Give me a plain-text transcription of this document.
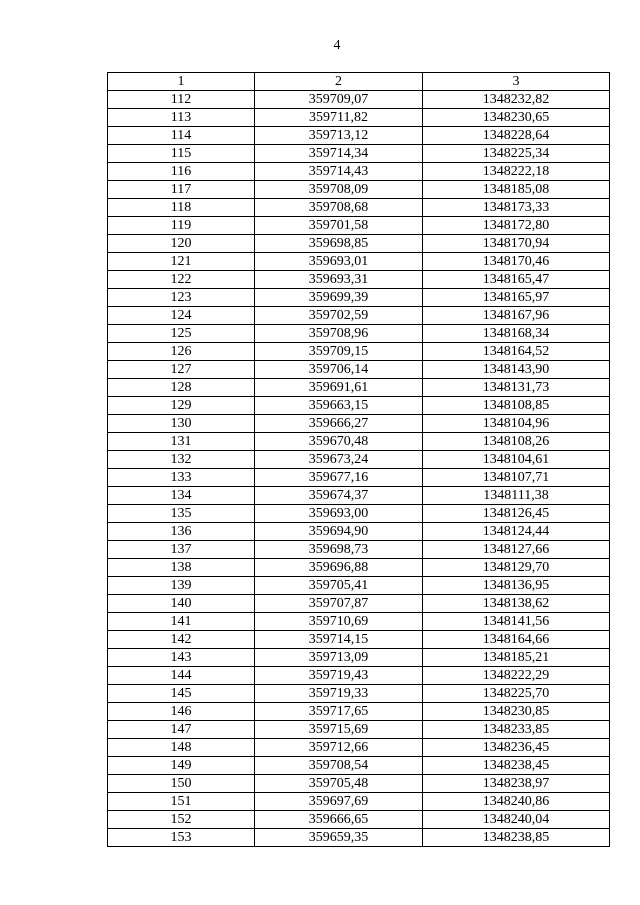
4
1	2	3
112	359709,07	1348232,82
113	359711,82	1348230,65
114	359713,12	1348228,64
115	359714,34	1348225,34
116	359714,43	1348222,18
117	359708,09	1348185,08
118	359708,68	1348173,33
119	359701,58	1348172,80
120	359698,85	1348170,94
121	359693,01	1348170,46
122	359693,31	1348165,47
123	359699,39	1348165,97
124	359702,59	1348167,96
125	359708,96	1348168,34
126	359709,15	1348164,52
127	359706,14	1348143,90
128	359691,61	1348131,73
129	359663,15	1348108,85
130	359666,27	1348104,96
131	359670,48	1348108,26
132	359673,24	1348104,61
133	359677,16	1348107,71
134	359674,37	1348111,38
135	359693,00	1348126,45
136	359694,90	1348124,44
137	359698,73	1348127,66
138	359696,88	1348129,70
139	359705,41	1348136,95
140	359707,87	1348138,62
141	359710,69	1348141,56
142	359714,15	1348164,66
143	359713,09	1348185,21
144	359719,43	1348222,29
145	359719,33	1348225,70
146	359717,65	1348230,85
147	359715,69	1348233,85
148	359712,66	1348236,45
149	359708,54	1348238,45
150	359705,48	1348238,97
151	359697,69	1348240,86
152	359666,65	1348240,04
153	359659,35	1348238,85
